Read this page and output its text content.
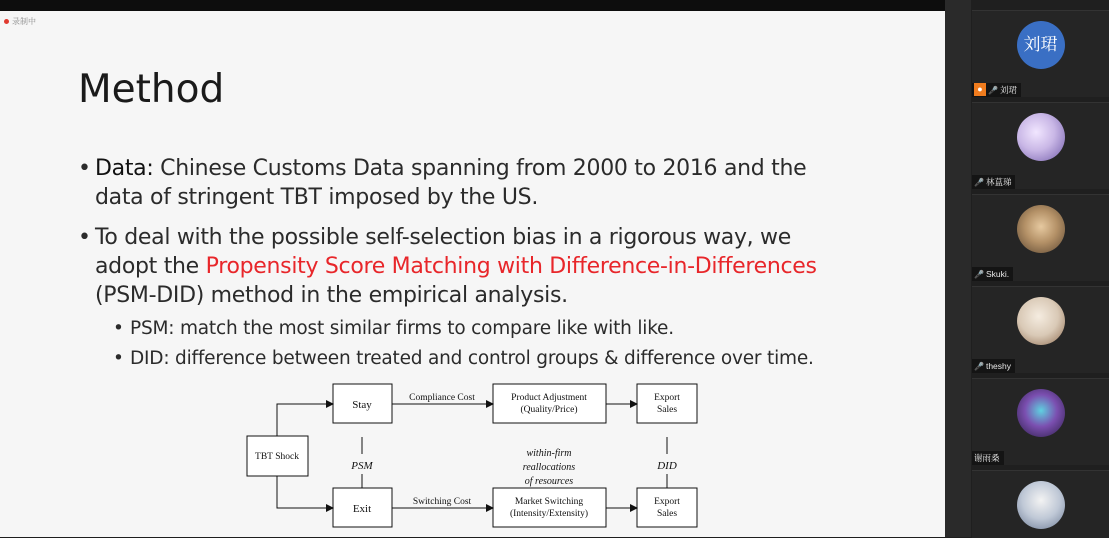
录制中
Method
• Data: Chinese Customs Data spanning from 2000 to 2016 and the data of stringent TBT imposed by the US.
• To deal with the possible self-selection bias in a rigorous way, we adopt the Propensity Score Matching with Difference-in-Differences (PSM-DID) method in the empirical analysis.
• PSM: match the most similar firms to compare like with like.
• DID: difference between treated and control groups & difference over time.
TBT Shock
Stay
Exit
PSM	DID
Compliance Cost
Switching Cost
Product Adjustment
(Quality/Price)
Market Switching
(Intensity/Extensity)
Export
Sales
Export
Sales
within-firm
reallocations
of resources
刘珺
● 🎤 刘珺
🎤 林蒀珶
🎤 Skuki.
🎤 theshy
谢雨桑
